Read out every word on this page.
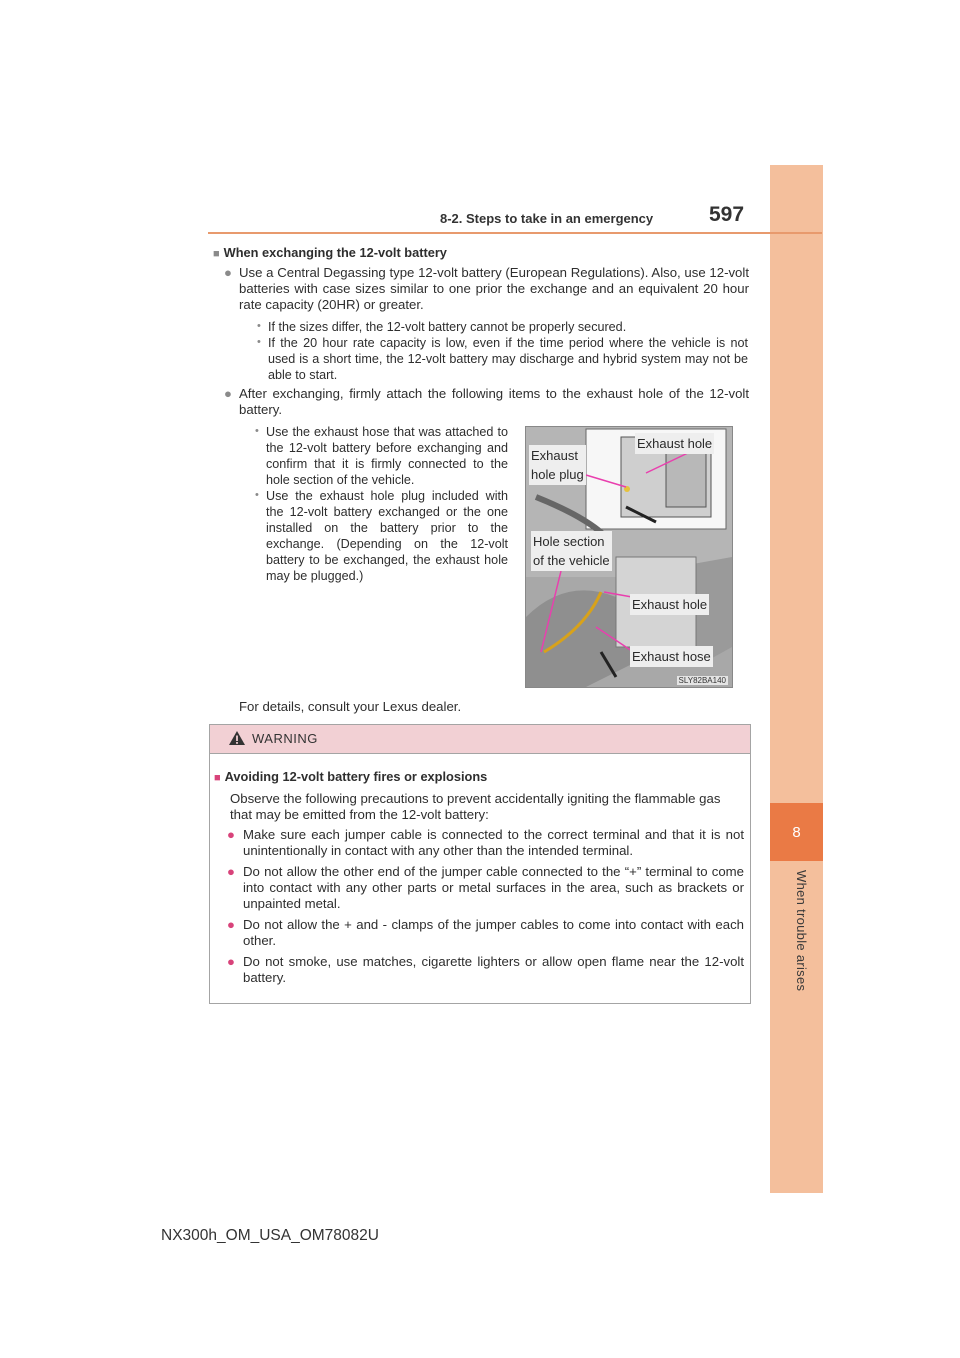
8
When trouble arises
8-2. Steps to take in an emergency	597
■ When exchanging the 12-volt battery
● Use a Central Degassing type 12-volt battery (European Regulations). Also, use 12-volt batteries with case sizes similar to one prior the exchange and an equivalent 20 hour rate capacity (20HR) or greater.
• If the sizes differ, the 12-volt battery cannot be properly secured.
• If the 20 hour rate capacity is low, even if the time period where the vehicle is not used is a short time, the 12-volt battery may discharge and hybrid system may not be able to start.
● After exchanging, firmly attach the following items to the exhaust hole of the 12-volt battery.
• Use the exhaust hose that was attached to the 12-volt battery before exchanging and confirm that it is firmly connected to the hole section of the vehicle.
• Use the exhaust hole plug included with the 12-volt battery exchanged or the one installed on the battery prior to the exchange. (Depending on the 12-volt battery to be exchanged, the exhaust hole may be plugged.)
Exhaust hole
Exhaust
hole plug
Hole section
of the vehicle
Exhaust hole
Exhaust hose
SLY82BA140
For details, consult your Lexus dealer.
WARNING
■ Avoiding 12-volt battery fires or explosions
Observe the following precautions to prevent accidentally igniting the flammable gas that may be emitted from the 12-volt battery:
● Make sure each jumper cable is connected to the correct terminal and that it is not unintentionally in contact with any other than the intended terminal.
● Do not allow the other end of the jumper cable connected to the “+” terminal to come into contact with any other parts or metal surfaces in the area, such as brackets or unpainted metal.
● Do not allow the + and - clamps of the jumper cables to come into contact with each other.
● Do not smoke, use matches, cigarette lighters or allow open flame near the 12-volt battery.
NX300h_OM_USA_OM78082U
